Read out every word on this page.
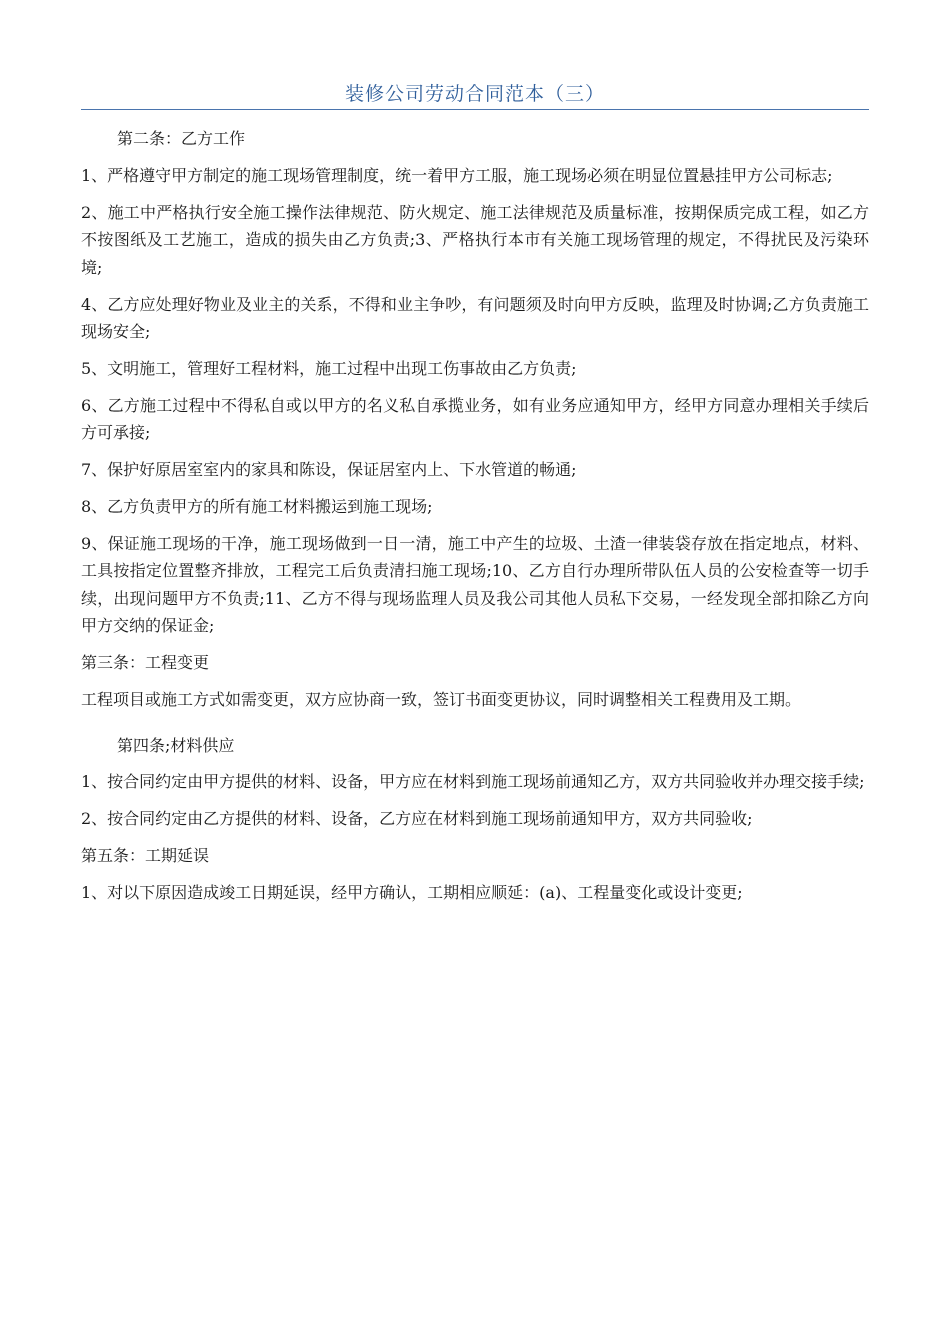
装修公司劳动合同范本（三）

第二条：乙方工作

1、严格遵守甲方制定的施工现场管理制度，统一着甲方工服，施工现场必须在明显位置悬挂甲方公司标志;

2、施工中严格执行安全施工操作法律规范、防火规定、施工法律规范及质量标准，按期保质完成工程，如乙方不按图纸及工艺施工，造成的损失由乙方负责;3、严格执行本市有关施工现场管理的规定，不得扰民及污染环境;

4、乙方应处理好物业及业主的关系，不得和业主争吵，有问题须及时向甲方反映，监理及时协调;乙方负责施工现场安全;

5、文明施工，管理好工程材料，施工过程中出现工伤事故由乙方负责;

6、乙方施工过程中不得私自或以甲方的名义私自承揽业务，如有业务应通知甲方，经甲方同意办理相关手续后方可承接;

7、保护好原居室室内的家具和陈设，保证居室内上、下水管道的畅通;

8、乙方负责甲方的所有施工材料搬运到施工现场;

9、保证施工现场的干净，施工现场做到一日一清，施工中产生的垃圾、土渣一律装袋存放在指定地点，材料、工具按指定位置整齐排放，工程完工后负责清扫施工现场;10、乙方自行办理所带队伍人员的公安检查等一切手续，出现问题甲方不负责;11、乙方不得与现场监理人员及我公司其他人员私下交易，一经发现全部扣除乙方向甲方交纳的保证金;

第三条：工程变更

工程项目或施工方式如需变更，双方应协商一致，签订书面变更协议，同时调整相关工程费用及工期。

第四条;材料供应

1、按合同约定由甲方提供的材料、设备，甲方应在材料到施工现场前通知乙方，双方共同验收并办理交接手续;

2、按合同约定由乙方提供的材料、设备，乙方应在材料到施工现场前通知甲方，双方共同验收;

第五条：工期延误

1、对以下原因造成竣工日期延误，经甲方确认，工期相应顺延：(a)、工程量变化或设计变更;
